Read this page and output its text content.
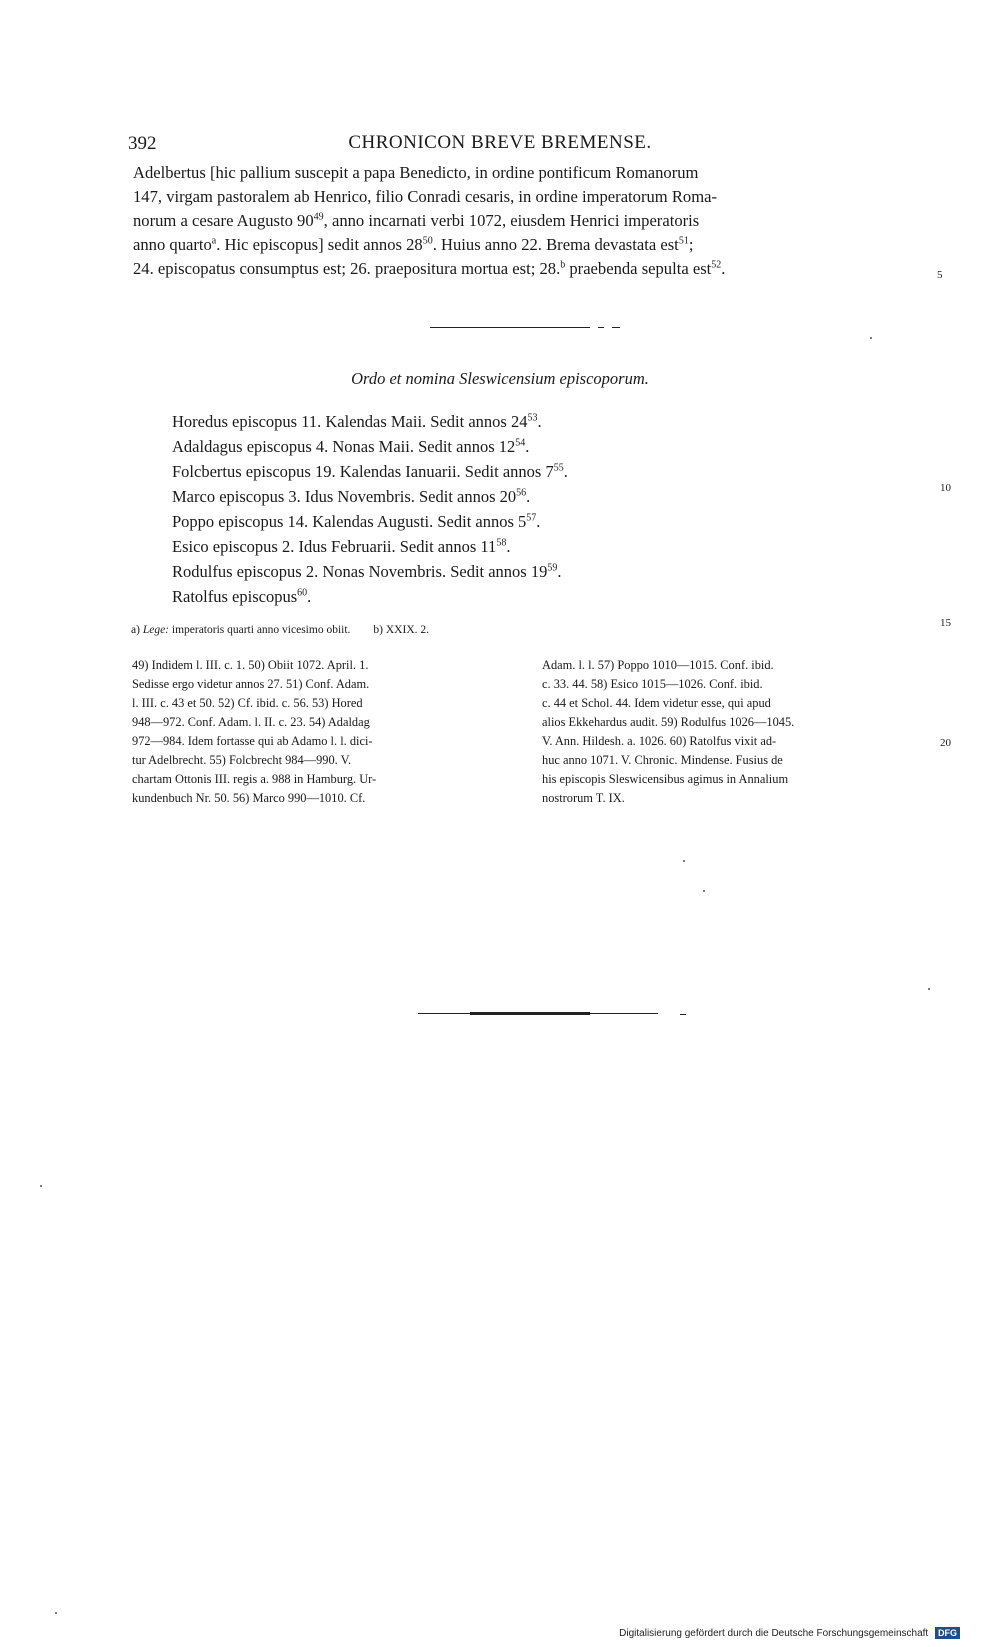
392	CHRONICON BREVE BREMENSE.
Adelbertus [hic pallium suscepit a papa Benedicto, in ordine pontificum Romanorum
147, virgam pastoralem ab Henrico, filio Conradi cesaris, in ordine imperatorum Roma-
norum a cesare Augusto $90^{49}$, anno incarnati verbi 1072, eiusdem Henrici imperatoris
anno quarto$^a$. Hic episcopus] sedit annos $28^{50}$. Huius anno 22. Brema devastata est$^{51}$;
24. episcopatus consumptus est; 26. praepositura mortua est; 28.$^b$ praebenda sepulta est$^{52}$.	5
10
15
20
Ordo et nomina Sleswicensium episcoporum.
Horedus episcopus 11. Kalendas Maii. Sedit annos $24^{53}$.
Adaldagus episcopus 4. Nonas Maii. Sedit annos $12^{54}$.
Folcbertus episcopus 19. Kalendas Ianuarii. Sedit annos $7^{55}$.
Marco episcopus 3. Idus Novembris. Sedit annos $20^{56}$.
Poppo episcopus 14. Kalendas Augusti. Sedit annos $5^{57}$.
Esico episcopus 2. Idus Februarii. Sedit annos $11^{58}$.
Rodulfus episcopus 2. Nonas Novembris. Sedit annos $19^{59}$.
Ratolfus episcopus$^{60}$.
a) Lege: imperatoris quarti anno vicesimo obiit. b) XXIX. 2.
49) Indidem l. III. c. 1. 50) Obiit 1072. April. 1.
Sedisse ergo videtur annos 27. 51) Conf. Adam.
l. III. c. 43 et 50. 52) Cf. ibid. c. 56. 53) Hored
948—972. Conf. Adam. l. II. c. 23. 54) Adaldag
972—984. Idem fortasse qui ab Adamo l. l. dici-
tur Adelbrecht. 55) Folcbrecht 984—990. V.
chartam Ottonis III. regis a. 988 in Hamburg. Ur-
kundenbuch Nr. 50. 56) Marco 990—1010. Cf.
Adam. l. l. 57) Poppo 1010—1015. Conf. ibid.
c. 33. 44. 58) Esico 1015—1026. Conf. ibid.
c. 44 et Schol. 44. Idem videtur esse, qui apud
alios Ekkehardus audit. 59) Rodulfus 1026—1045.
V. Ann. Hildesh. a. 1026. 60) Ratolfus vixit ad-
huc anno 1071. V. Chronic. Mindense. Fusius de
his episcopis Sleswicensibus agimus in Annalium
nostrorum T. IX.
Digitalisierung gefördert durch die Deutsche Forschungsgemeinschaft DFG
